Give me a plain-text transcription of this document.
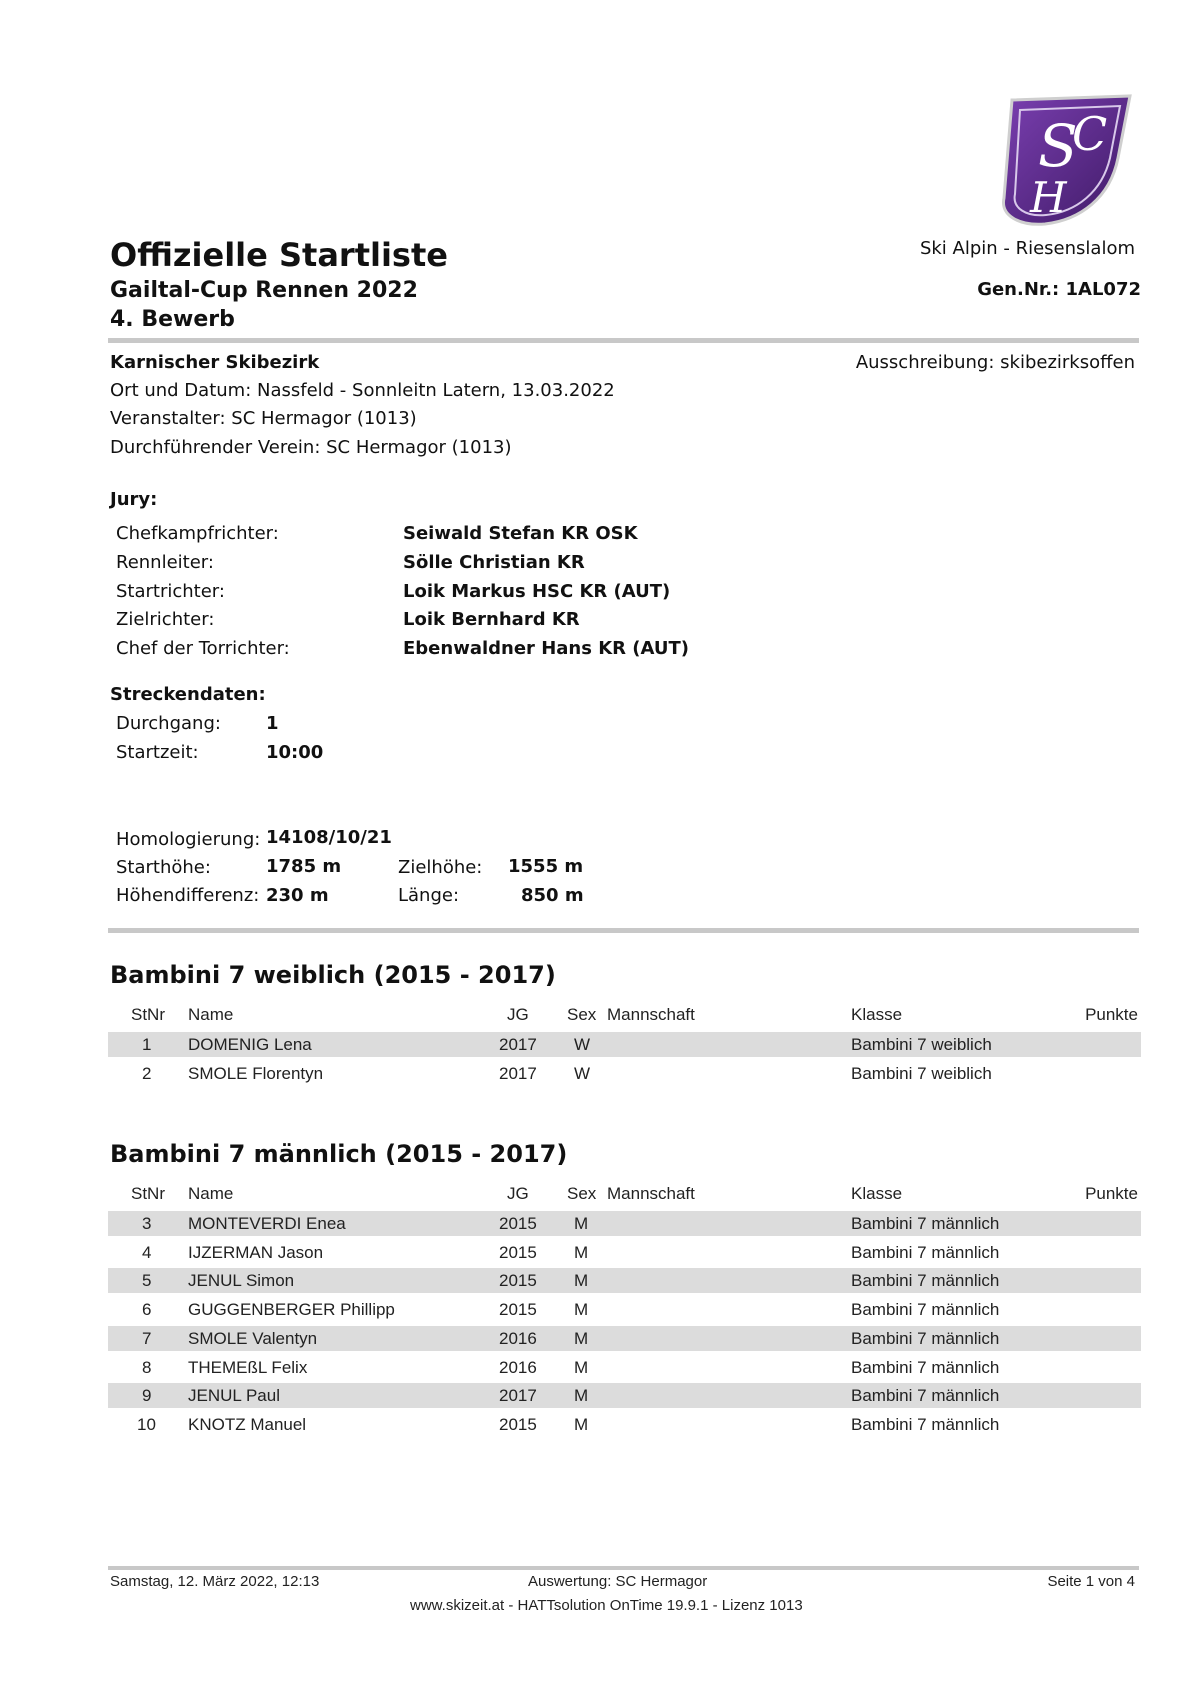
S
C
H
Offizielle Startliste
Gailtal-Cup Rennen 2022
4. Bewerb
Ski Alpin - Riesenslalom
Gen.Nr.: 1AL072
Karnischer Skibezirk	Ausschreibung: skibezirksoffen
Ort und Datum: Nassfeld - Sonnleitn Latern, 13.03.2022
Veranstalter: SC Hermagor (1013)
Durchführender Verein: SC Hermagor (1013)
Jury:
Chefkampfrichter:	Seiwald Stefan KR OSK
Rennleiter:	Sölle Christian KR
Startrichter:	Loik Markus HSC KR (AUT)
Zielrichter:	Loik Bernhard KR
Chef der Torrichter:	Ebenwaldner Hans KR (AUT)
Streckendaten:
Durchgang:	1
Startzeit:	10:00
Homologierung: 14108/10/21
Starthöhe:	1785 m	Zielhöhe: 1555 m
Höhendifferenz: 230 m	Länge:	850 m
Bambini 7 weiblich (2015 - 2017)
StNr Name	JG Sex Mannschaft	Klasse	Punkte
1 DOMENIG Lena	2017 W	Bambini 7 weiblich
2 SMOLE Florentyn	2017 W	Bambini 7 weiblich
Bambini 7 männlich (2015 - 2017)
StNr Name	JG Sex Mannschaft	Klasse	Punkte
3 MONTEVERDI Enea	2015 M	Bambini 7 männlich
4 IJZERMAN Jason	2015 M	Bambini 7 männlich
5 JENUL Simon	2015 M	Bambini 7 männlich
6 GUGGENBERGER Phillipp	2015 M	Bambini 7 männlich
7 SMOLE Valentyn	2016 M	Bambini 7 männlich
8 THEMEßL Felix	2016 M	Bambini 7 männlich
9 JENUL Paul	2017 M	Bambini 7 männlich
10 KNOTZ Manuel	2015 M	Bambini 7 männlich
Samstag, 12. März 2022, 12:13	Auswertung: SC Hermagor	Seite 1 von 4
www.skizeit.at - HATTsolution OnTime 19.9.1 - Lizenz 1013
